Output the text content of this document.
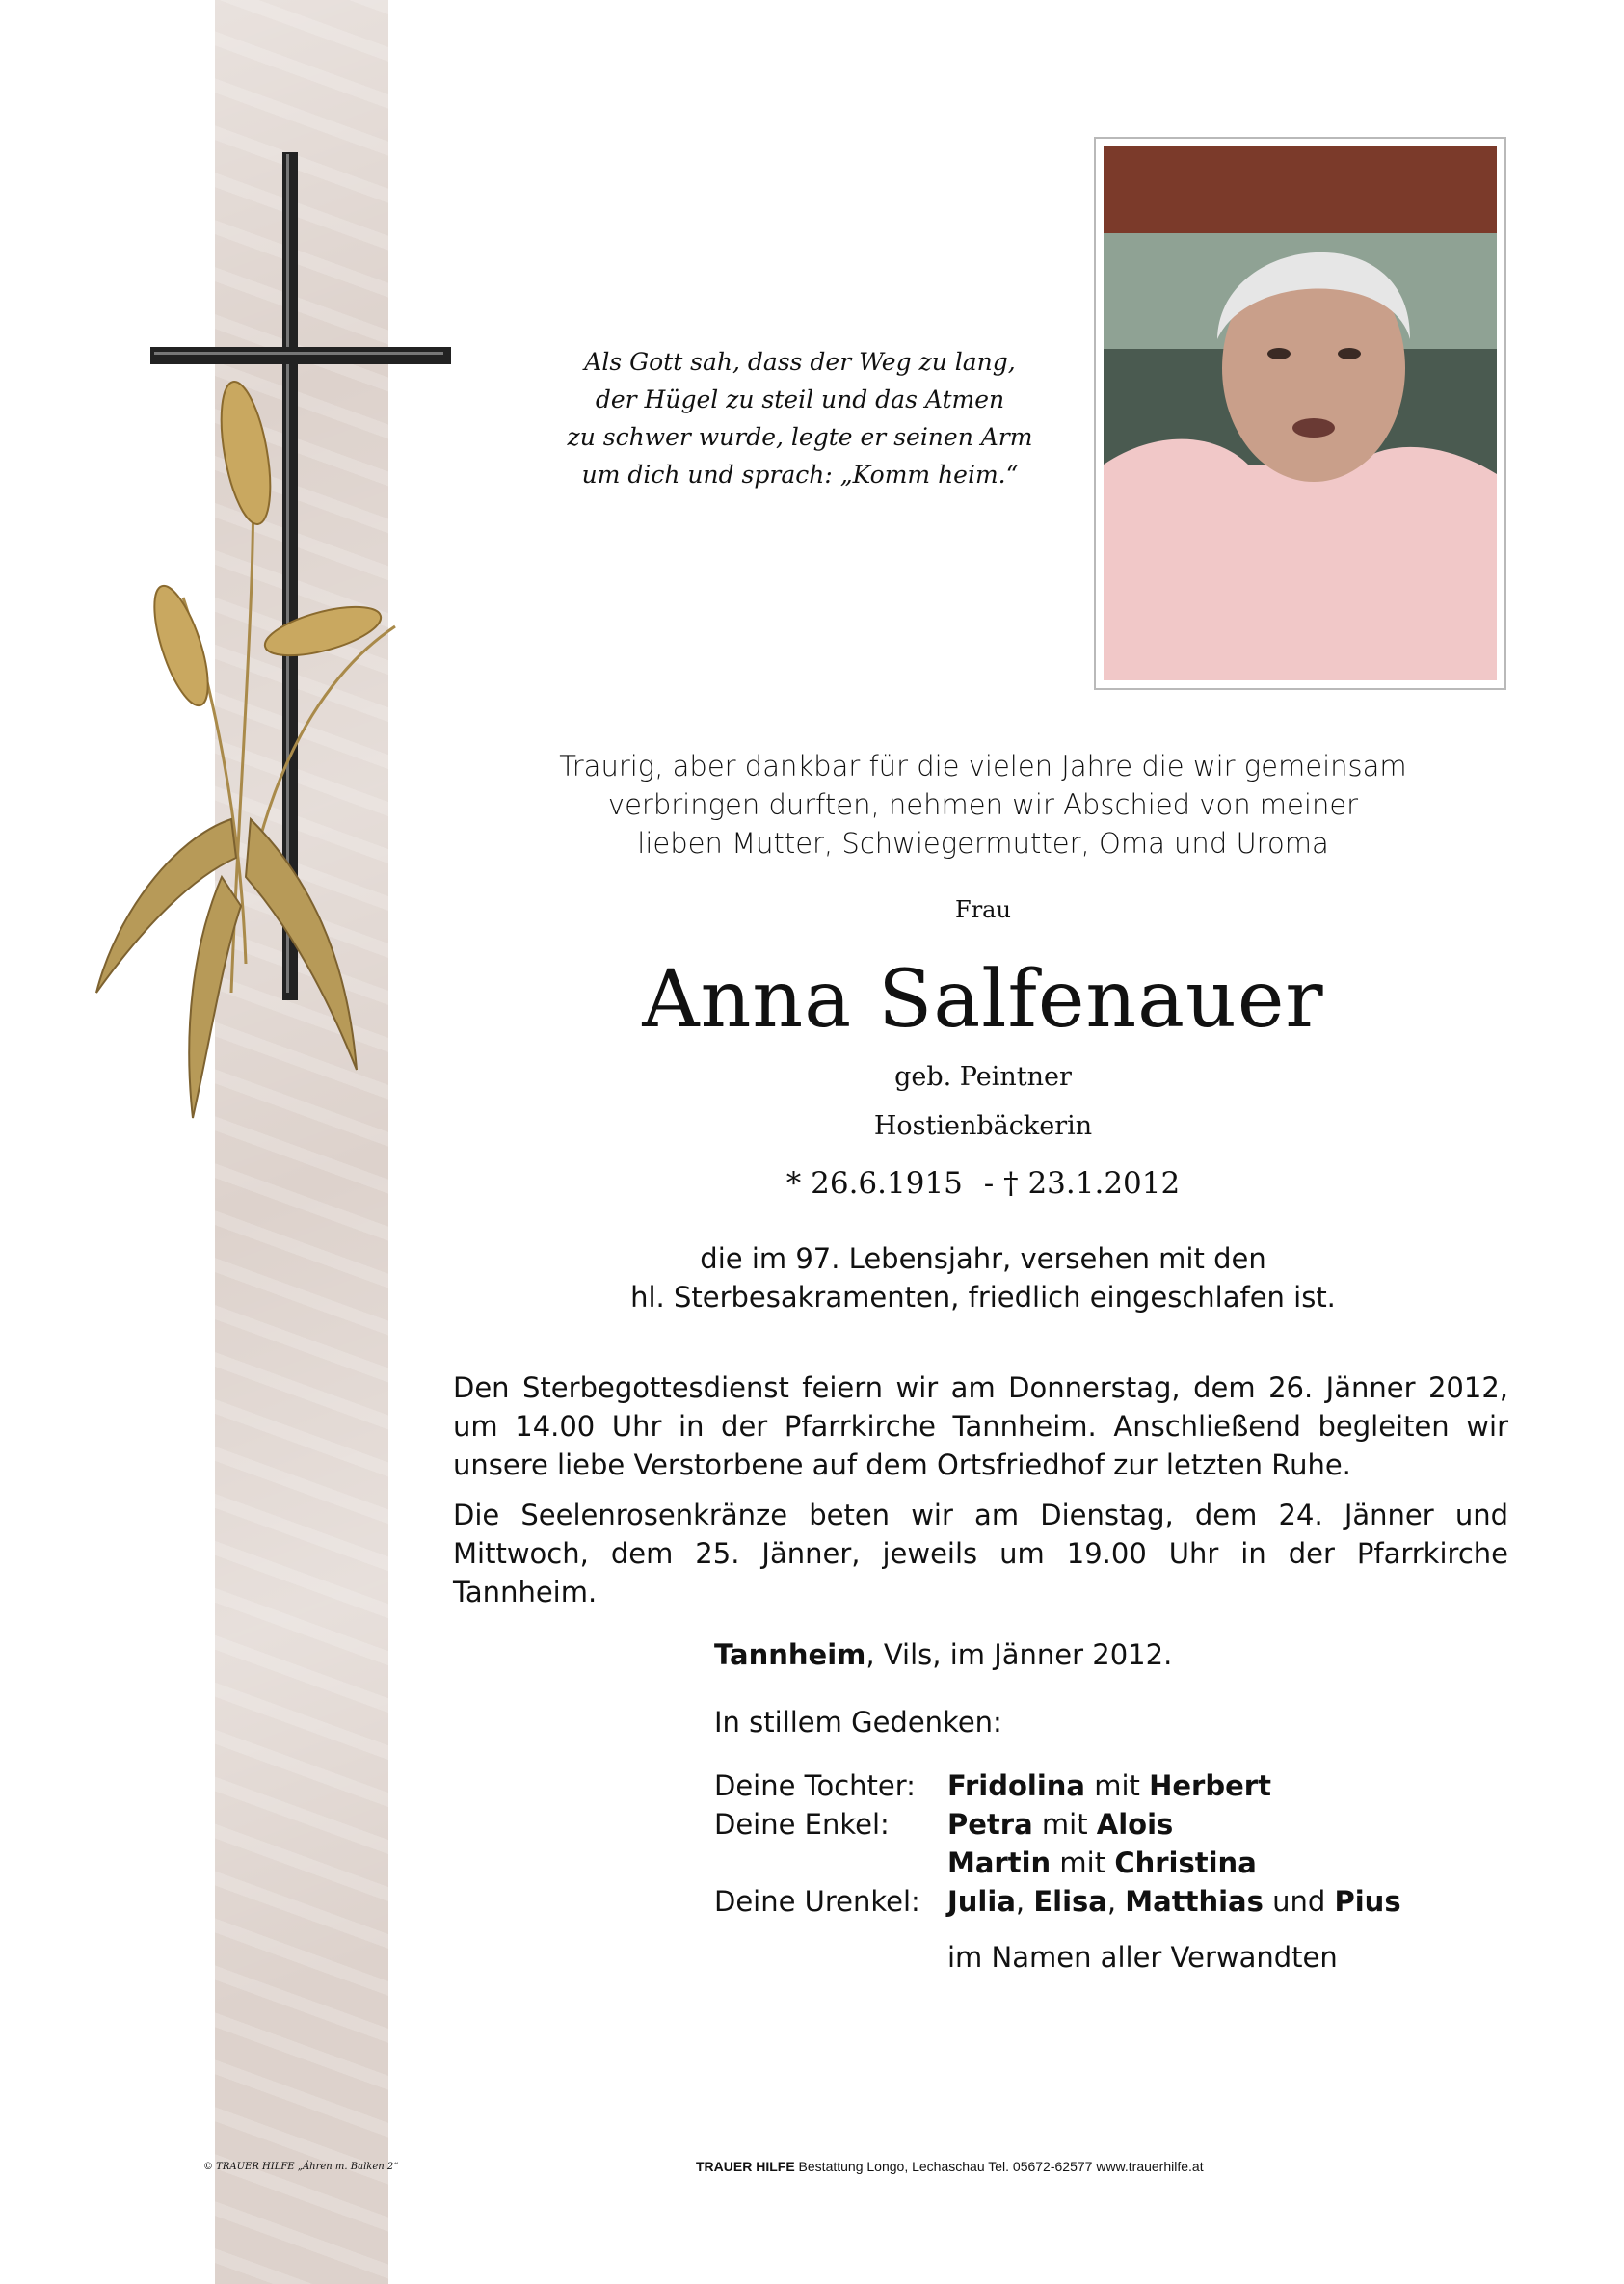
Als Gott sah, dass der Weg zu lang,
der Hügel zu steil und das Atmen
zu schwer wurde, legte er seinen Arm
um dich und sprach: „Komm heim.“
Traurig, aber dankbar für die vielen Jahre die wir gemeinsam
verbringen durften, nehmen wir Abschied von meiner
lieben Mutter, Schwiegermutter, Oma und Uroma
Frau
Anna Salfenauer
geb. Peintner
Hostienbäckerin
* 26.6.1915 - † 23.1.2012
die im 97. Lebensjahr, versehen mit den
hl. Sterbesakramenten, friedlich eingeschlafen ist.
Den Sterbegottesdienst feiern wir am Donnerstag, dem 26. Jänner 2012, um 14.00 Uhr in der Pfarrkirche Tannheim. Anschließend begleiten wir unsere liebe Verstorbene auf dem Ortsfriedhof zur letzten Ruhe.
Die Seelenrosenkränze beten wir am Dienstag, dem 24. Jänner und Mittwoch, dem 25. Jänner, jeweils um 19.00 Uhr in der Pfarrkirche Tannheim.
Tannheim, Vils, im Jänner 2012.
In stillem Gedenken:
Deine Tochter: Fridolina mit Herbert
Deine Enkel: Petra mit Alois
Martin mit Christina
Deine Urenkel: Julia, Elisa, Matthias und Pius
im Namen aller Verwandten
© TRAUER HILFE „Ähren m. Balken 2“	TRAUER HILFE Bestattung Longo, Lechaschau Tel. 05672-62577 www.trauerhilfe.at
